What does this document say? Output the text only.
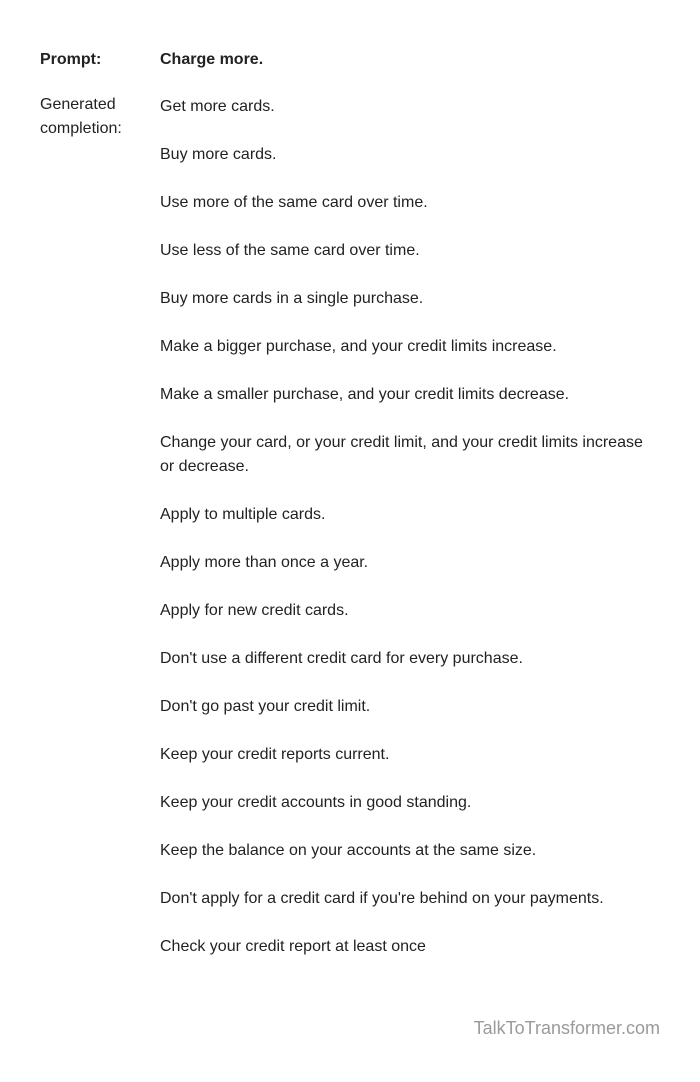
Prompt:	Charge more.
Generated
completion:
Get more cards.
Buy more cards.
Use more of the same card over time.
Use less of the same card over time.
Buy more cards in a single purchase.
Make a bigger purchase, and your credit limits increase.
Make a smaller purchase, and your credit limits decrease.
Change your card, or your credit limit, and your credit limits increase or decrease.
Apply to multiple cards.
Apply more than once a year.
Apply for new credit cards.
Don't use a different credit card for every purchase.
Don't go past your credit limit.
Keep your credit reports current.
Keep your credit accounts in good standing.
Keep the balance on your accounts at the same size.
Don't apply for a credit card if you're behind on your payments.
Check your credit report at least once
TalkToTransformer.com
